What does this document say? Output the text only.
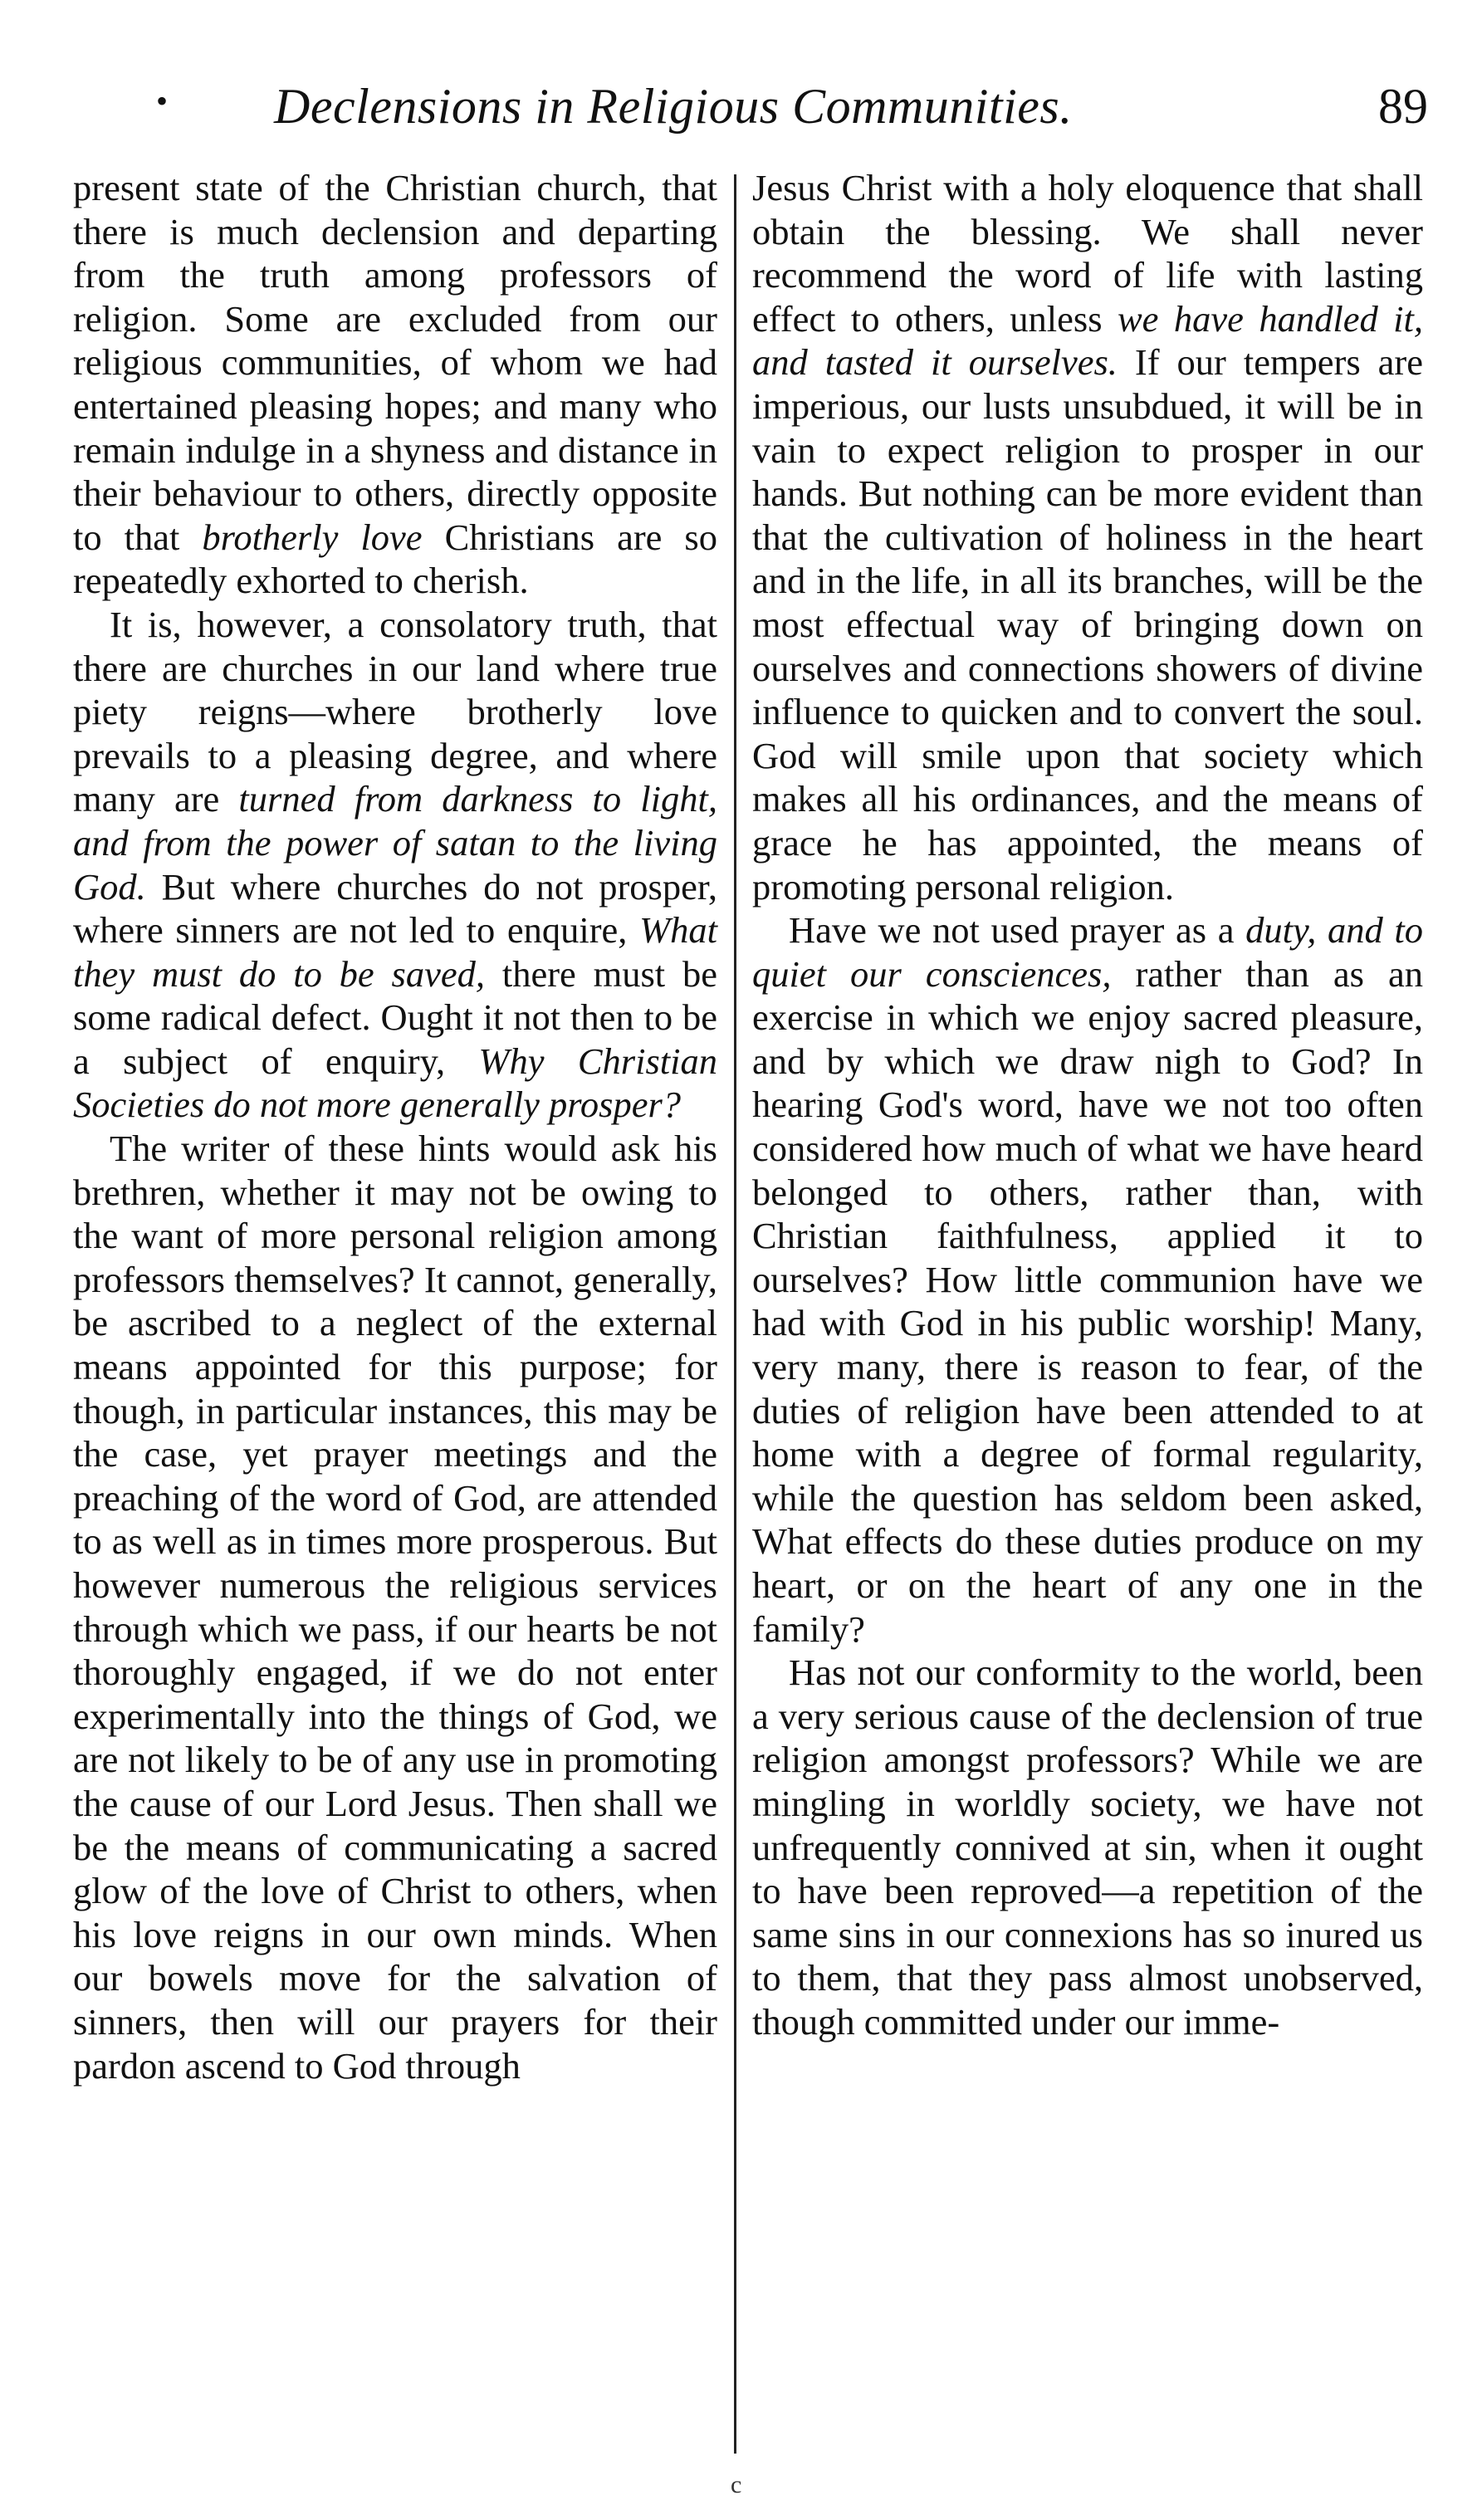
• Declensions in Religious Communities.	89

present state of the Christian church, that there is much declension and departing from the truth among professors of religion. Some are excluded from our religious communities, of whom we had entertained pleasing hopes; and many who remain indulge in a shyness and distance in their behaviour to others, directly opposite to that brotherly love Christians are so repeatedly exhorted to cherish.

It is, however, a consolatory truth, that there are churches in our land where true piety reigns—where brotherly love prevails to a pleasing degree, and where many are turned from darkness to light, and from the power of satan to the living God. But where churches do not prosper, where sinners are not led to enquire, What they must do to be saved, there must be some radical defect. Ought it not then to be a subject of enquiry, Why Christian Societies do not more generally prosper?

The writer of these hints would ask his brethren, whether it may not be owing to the want of more personal religion among professors themselves? It cannot, generally, be ascribed to a neglect of the external means appointed for this purpose; for though, in particular instances, this may be the case, yet prayer meetings and the preaching of the word of God, are attended to as well as in times more prosperous. But however numerous the religious services through which we pass, if our hearts be not thoroughly engaged, if we do not enter experimentally into the things of God, we are not likely to be of any use in promoting the cause of our Lord Jesus. Then shall we be the means of communicating a sacred glow of the love of Christ to others, when his love reigns in our own minds. When our bowels move for the salvation of sinners, then will our prayers for their pardon ascend to God through

Jesus Christ with a holy eloquence that shall obtain the blessing. We shall never recommend the word of life with lasting effect to others, unless we have handled it, and tasted it ourselves. If our tempers are imperious, our lusts unsubdued, it will be in vain to expect religion to prosper in our hands. But nothing can be more evident than that the cultivation of holiness in the heart and in the life, in all its branches, will be the most effectual way of bringing down on ourselves and connections showers of divine influence to quicken and to convert the soul. God will smile upon that society which makes all his ordinances, and the means of grace he has appointed, the means of promoting personal religion.

Have we not used prayer as a duty, and to quiet our consciences, rather than as an exercise in which we enjoy sacred pleasure, and by which we draw nigh to God? In hearing God's word, have we not too often considered how much of what we have heard belonged to others, rather than, with Christian faithfulness, applied it to ourselves? How little communion have we had with God in his public worship! Many, very many, there is reason to fear, of the duties of religion have been attended to at home with a degree of formal regularity, while the question has seldom been asked, What effects do these duties produce on my heart, or on the heart of any one in the family?

Has not our conformity to the world, been a very serious cause of the declension of true religion amongst professors? While we are mingling in worldly society, we have not unfrequently connived at sin, when it ought to have been reproved—a repetition of the same sins in our connexions has so inured us to them, that they pass almost unobserved, though committed under our imme-

c
